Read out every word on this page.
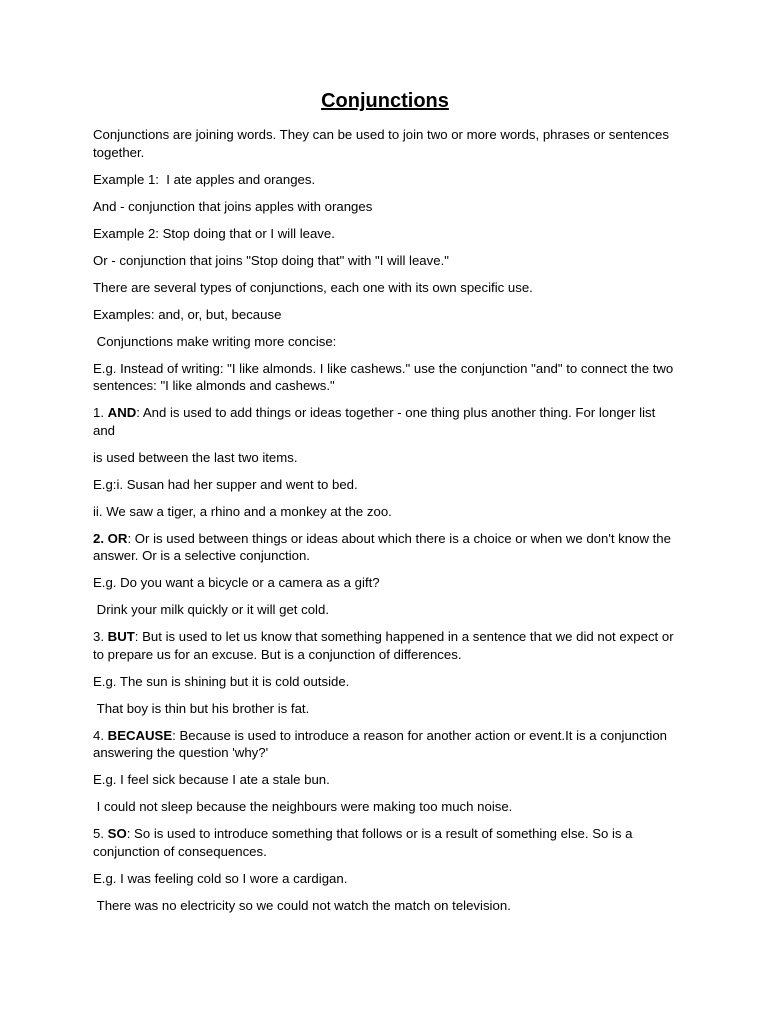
Conjunctions

Conjunctions are joining words. They can be used to join two or more words, phrases or sentences together.

Example 1:  I ate apples and oranges.

And - conjunction that joins apples with oranges

Example 2: Stop doing that or I will leave.

Or - conjunction that joins "Stop doing that" with "I will leave."

There are several types of conjunctions, each one with its own specific use.

Examples: and, or, but, because

Conjunctions make writing more concise:

E.g. Instead of writing: "I like almonds. I like cashews." use the conjunction "and" to connect the two sentences: "I like almonds and cashews."

1. AND: And is used to add things or ideas together - one thing plus another thing. For longer list and

is used between the last two items.

E.g:i. Susan had her supper and went to bed.

ii. We saw a tiger, a rhino and a monkey at the zoo.

2. OR: Or is used between things or ideas about which there is a choice or when we don't know the answer. Or is a selective conjunction.

E.g. Do you want a bicycle or a camera as a gift?

Drink your milk quickly or it will get cold.

3. BUT: But is used to let us know that something happened in a sentence that we did not expect or to prepare us for an excuse. But is a conjunction of differences.

E.g. The sun is shining but it is cold outside.

That boy is thin but his brother is fat.

4. BECAUSE: Because is used to introduce a reason for another action or event.It is a conjunction answering the question 'why?'

E.g. I feel sick because I ate a stale bun.

I could not sleep because the neighbours were making too much noise.

5. SO: So is used to introduce something that follows or is a result of something else. So is a conjunction of consequences.

E.g. I was feeling cold so I wore a cardigan.

There was no electricity so we could not watch the match on television.
